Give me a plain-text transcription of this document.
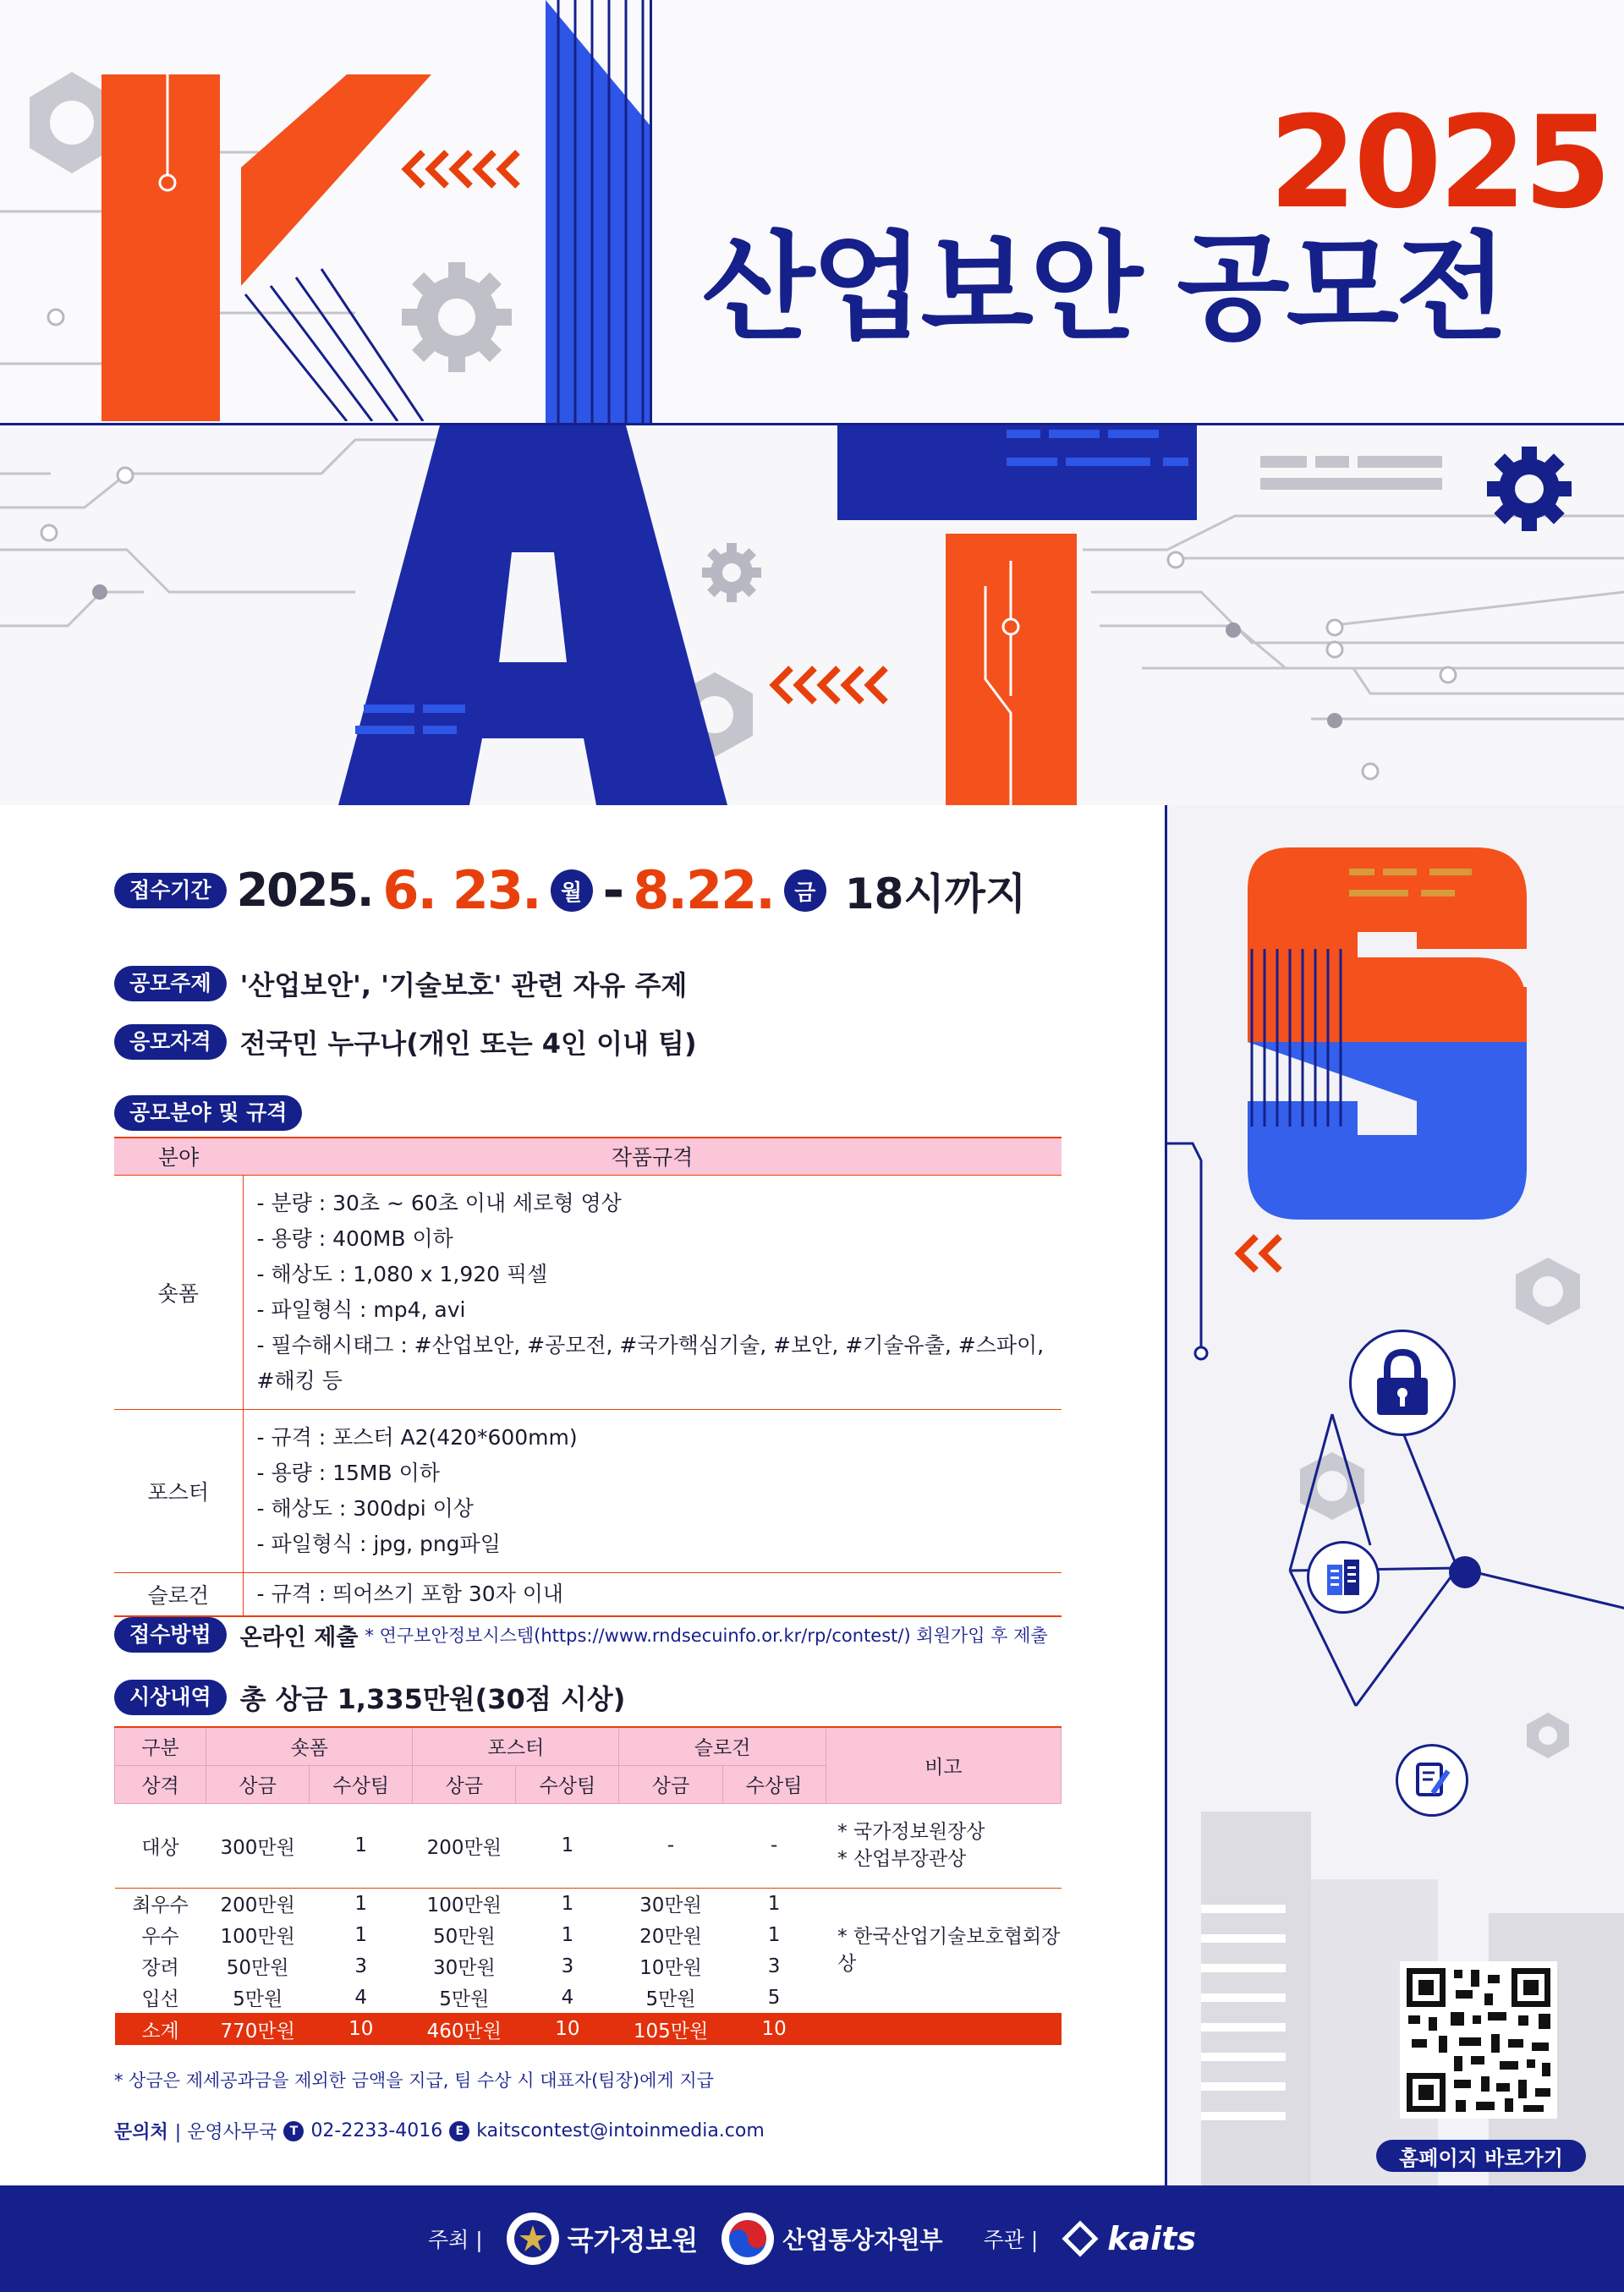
2025
산업보안 공모전
홈페이지 바로가기
접수기간 2025. 6. 23. 월 - 8.22. 금 18시까지
공모주제	'산업보안', '기술보호' 관련 자유 주제
응모자격	전국민 누구나(개인 또는 4인 이내 팀)
공모분야 및 규격
분야	작품규격
숏폼	- 분량 : 30초 ~ 60초 이내 세로형 영상
- 용량 : 400MB 이하
- 해상도 : 1,080 x 1,920 픽셀
- 파일형식 : mp4, avi
- 필수해시태그 : #산업보안, #공모전, #국가핵심기술, #보안, #기술유출, #스파이, #해킹 등

포스터	- 규격 : 포스터 A2(420*600mm)
- 용량 : 15MB 이하
- 해상도 : 300dpi 이상
- 파일형식 : jpg, png파일

슬로건	- 규격 : 띄어쓰기 포함 30자 이내
접수방법	온라인 제출 * 연구보안정보시스템(https://www.rndsecuinfo.or.kr/rp/contest/) 회원가입 후 제출
시상내역	총 상금 1,335만원(30점 시상)
구분	숏폼		포스터		슬로건		비고
상격	상금	수상팀	상금	수상팀	상금	수상팀	
대상	300만원	1	200만원	1	-	-	* 국가정보원장상
* 산업부장관상

최우수	200만원	1	100만원	1	30만원	1	* 한국산업기술보호협회장상
우수	100만원	1	50만원	1	20만원	1	
장려	50만원	3	30만원	3	10만원	3	
입선	5만원	4	5만원	4	5만원	5	
소계	770만원	10	460만원	10	105만원	10	
* 상금은 제세공과금을 제외한 금액을 지급, 팀 수상 시 대표자(팀장)에게 지급
문의처 | 운영사무국	T 02-2233-4016	E kaitscontest@intoinmedia.com
주최 |	국가정보원	산업통상자원부 주관 | kaits
